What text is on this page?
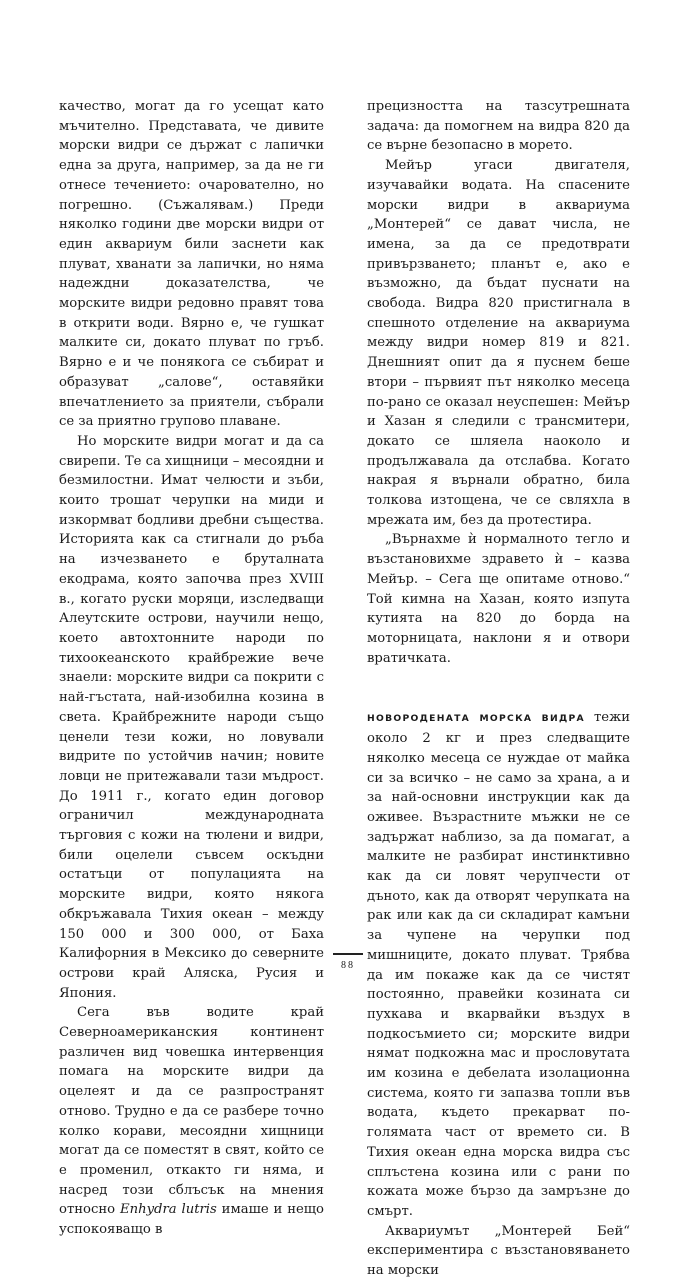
качество, могат да го усещат като мъчително. Представата, че дивите морски видри се държат с лапички една за друга, например, за да не ги отнесе течението: очарователно, но погрешно. (Съжалявам.) Преди няколко години две морски видри от един аквариум били заснети как плуват, хванати за лапички, но няма надеждни доказателства, че морските видри редовно правят това в открити води. Вярно е, че гушкат малките си, докато плуват по гръб. Вярно е и че понякога се събират и образуват „салове“, оставяйки впечатлението за приятели, събрали се за приятно групово плаване.

Но морските видри могат и да са свирепи. Те са хищници – месоядни и безмилостни. Имат челюсти и зъби, които трошат черупки на миди и изкормват бодливи дребни същества. Историята как са стигнали до ръба на изчезването е бруталната екодрама, която започва през XVIII в., когато руски моряци, изследващи Алеутските острови, научили нещо, което автохтонните народи по тихоокеанското крайбрежие вече знаели: морските видри са покрити с най-гъстата, най-изобилна козина в света. Крайбрежните народи също ценели тези кожи, но ловували видрите по устойчив начин; новите ловци не притежавали тази мъдрост. До 1911 г., когато един договор ограничил международната търговия с кожи на тюлени и видри, били оцелели съвсем оскъдни остатъци от популацията на морските видри, която някога обкръжавала Тихия океан – между 150 000 и 300 000, от Баха Калифорния в Мексико до северните острови край Аляска, Русия и Япония.

Сега във водите край Северноамериканския континент различен вид човешка интервенция помага на морските видри да оцелеят и да се разпространят отново. Трудно е да се разбере точно колко корави, месоядни хищници могат да се поместят в свят, който се е променил, откакто ги няма, и насред този сблъсък на мнения относно Enhydra lutris имаше и нещо успокояващо в

прецизността на тазсутрешната задача: да помогнем на видра 820 да се върне безопасно в морето.

Мейър угаси двигателя, изучавайки водата. На спасените морски видри в аквариума „Монтерей“ се дават числа, не имена, за да се предотврати привързването; планът е, ако е възможно, да бъдат пуснати на свобода. Видра 820 пристигнала в спешното отделение на аквариума между видри номер 819 и 821. Днешният опит да я пуснем беше втори – първият път няколко месеца по-рано се оказал неуспешен: Мейър и Хазан я следили с трансмитери, докато се шляела наоколо и продължавала да отслабва. Когато накрая я върнали обратно, била толкова изтощена, че се свляхла в мрежата им, без да протестира.

„Върнахме ѝ нормалното тегло и възстановихме здравето ѝ – казва Мейър. – Сега ще опитаме отново.“ Той кимна на Хазан, която изпута кутията на 820 до борда на моторницата, наклони я и отвори вратичката.

НОВОРОДЕНАТА МОРСКА ВИДРА тежи около 2 кг и през следващите няколко месеца се нуждае от майка си за всичко – не само за храна, а и за най-основни инструкции как да оживее. Възрастните мъжки не се задържат наблизо, за да помагат, а малките не разбират инстинктивно как да си ловят черупчести от дъното, как да отворят черупката на рак или как да си складират камъни за чупене на черупки под мишниците, докато плуват. Трябва да им покаже как да се чистят постоянно, правейки козината си пухкава и вкарвайки въздух в подкосъмието си; морските видри нямат подкожна мас и прословутата им козина е дебелата изолационна система, която ги запазва топли във водата, където прекарват по-голямата част от времето си. В Тихия океан една морска видра със сплъстена козина или с рани по кожата може бързо да замръзне до смърт.

Аквариумът „Монтерей Бей“ експериментира с възстановяването на морски

88
